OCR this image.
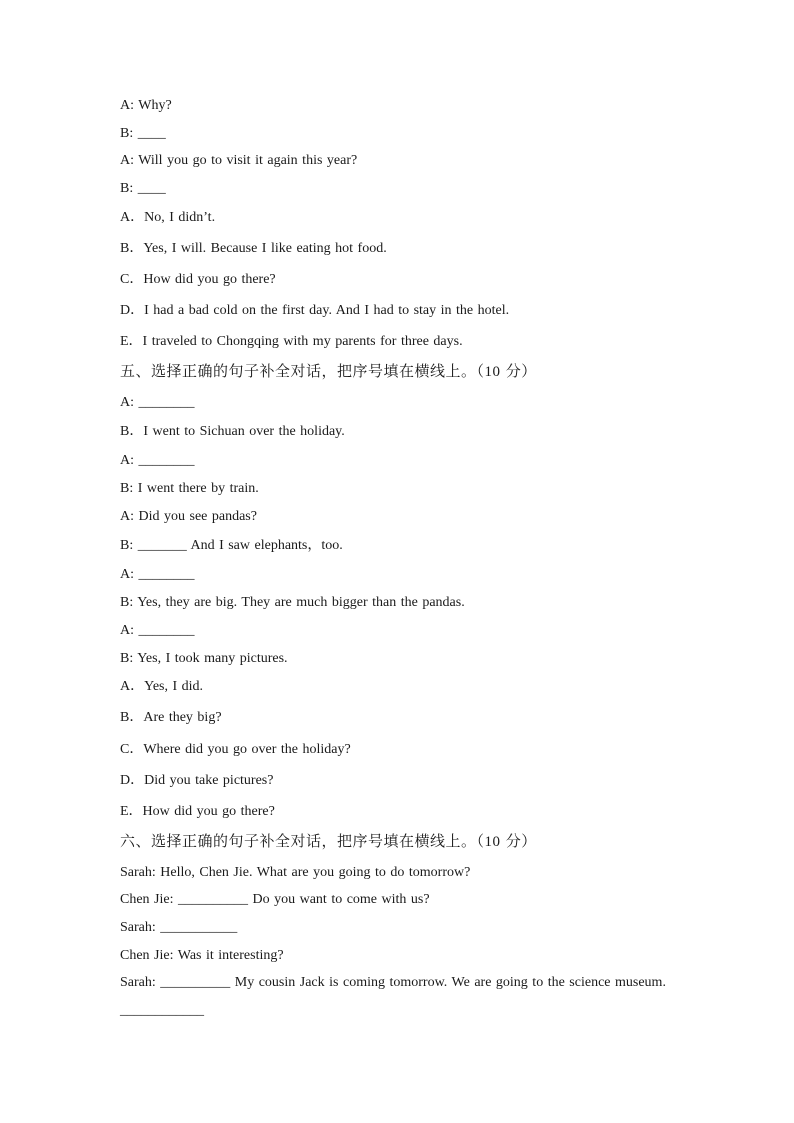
A: Why?
B: ____
A: Will you go to visit it again this year?
B: ____
A．No, I didn’t.
B．Yes, I will. Because I like eating hot food.
C．How did you go there?
D．I had a bad cold on the first day. And I had to stay in the hotel.
E．I traveled to Chongqing with my parents for three days.
五、选择正确的句子补全对话，把序号填在横线上。（10 分）
A: ________
B．I went to Sichuan over the holiday.
A: ________
B: I went there by train.
A: Did you see pandas?
B: _______ And I saw elephants，too.
A: ________
B: Yes, they are big. They are much bigger than the pandas.
A: ________
B: Yes, I took many pictures.
A．Yes, I did.
B．Are they big?
C．Where did you go over the holiday?
D．Did you take pictures?
E．How did you go there?
六、选择正确的句子补全对话，把序号填在横线上。（10 分）
Sarah: Hello, Chen Jie. What are you going to do tomorrow?
Chen Jie: __________ Do you want to come with us?
Sarah: ___________
Chen Jie: Was it interesting?
Sarah: __________ My cousin Jack is coming tomorrow. We are going to the science museum. ____________
